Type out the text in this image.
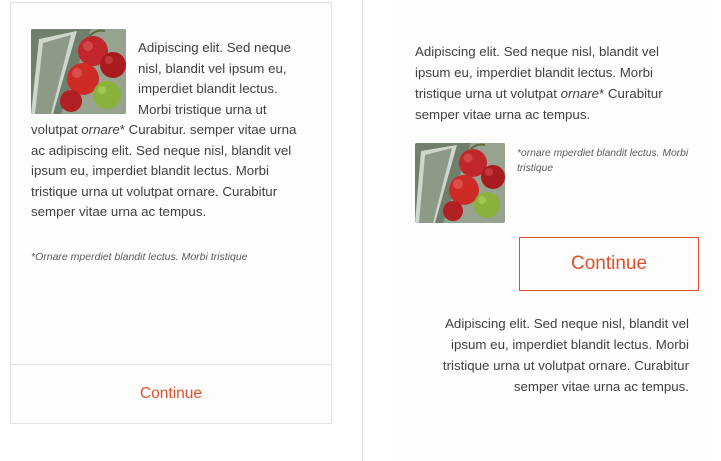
Adipiscing elit. Sed neque nisl, blandit vel ipsum eu, imperdiet blandit lectus. Morbi tristique urna ut volutpat ornare* Curabitur. semper vitae urna ac adipiscing elit. Sed neque nisl, blandit vel ipsum eu, imperdiet blandit lectus. Morbi tristique urna ut volutpat ornare. Curabitur semper vitae urna ac tempus.

*Ornare mperdiet blandit lectus. Morbi tristique

Continue

Adipiscing elit. Sed neque nisl, blandit vel ipsum eu, imperdiet blandit lectus. Morbi tristique urna ut volutpat ornare* Curabitur semper vitae urna ac tempus.

*ornare mperdiet blandit lectus. Morbi tristique
Continue

Adipiscing elit. Sed neque nisl, blandit vel ipsum eu, imperdiet blandit lectus. Morbi tristique urna ut volutpat ornare. Curabitur semper vitae urna ac tempus.
